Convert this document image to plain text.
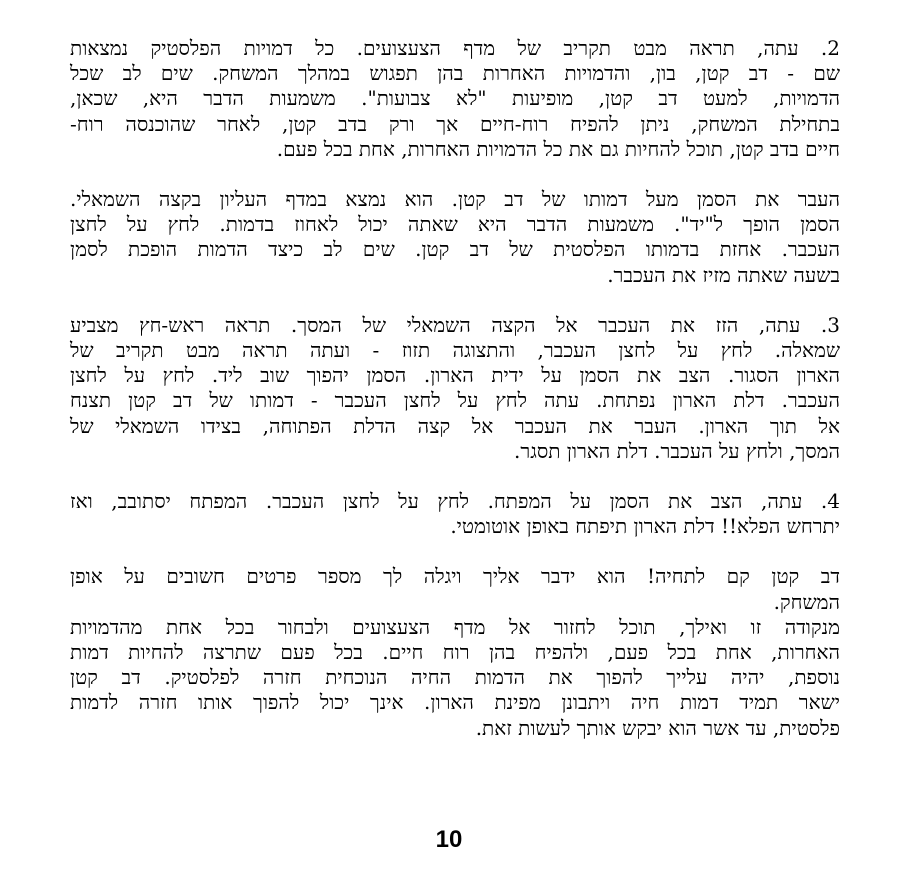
2. עתה, תראה מבט תקריב של מדף הצעצועים. כל דמויות הפלסטיק נמצאות
שם - דב קטן, בון, והדמויות האחרות בהן תפגוש במהלך המשחק. שים לב שכל
הדמויות, למעט דב קטן, מופיעות "לא צבועות". משמעות הדבר היא, שכאן,
בתחילת המשחק, ניתן להפיח רוח-חיים אך ורק בדב קטן, לאחר שהוכנסה רוח-
חיים בדב קטן, תוכל להחיות גם את כל הדמויות האחרות, אחת בכל פעם.

העבר את הסמן מעל דמותו של דב קטן. הוא נמצא במדף העליון בקצה השמאלי.
הסמן הופך ל"יד". משמעות הדבר היא שאתה יכול לאחוז בדמות. לחץ על לחצן
העכבר. אחזת בדמותו הפלסטית של דב קטן. שים לב כיצד הדמות הופכת לסמן
בשעה שאתה מזיז את העכבר.

3. עתה, הזז את העכבר אל הקצה השמאלי של המסך. תראה ראש-חץ מצביע
שמאלה. לחץ על לחצן העכבר, והתצוגה תזוז - ועתה תראה מבט תקריב של
הארון הסגור. הצב את הסמן על ידית הארון. הסמן יהפוך שוב ליד. לחץ על לחצן
העכבר. דלת הארון נפתחת. עתה לחץ על לחצן העכבר - דמותו של דב קטן תצנח
אל תוך הארון. העבר את העכבר אל קצה הדלת הפתוחה, בצידו השמאלי של
המסך, ולחץ על העכבר. דלת הארון תסגר.

4. עתה, הצב את הסמן על המפתח. לחץ על לחצן העכבר. המפתח יסתובב, ואז
יתרחש הפלא!! דלת הארון תיפתח באופן אוטומטי.

דב קטן קם לתחיה! הוא ידבר אליך ויגלה לך מספר פרטים חשובים על אופן
המשחק.
מנקודה זו ואילך, תוכל לחזור אל מדף הצעצועים ולבחור בכל אחת מהדמויות
האחרות, אחת בכל פעם, ולהפיח בהן רוח חיים. בכל פעם שתרצה להחיות דמות
נוספת, יהיה עלייך להפוך את הדמות החיה הנוכחית חזרה לפלסטיק. דב קטן
ישאר תמיד דמות חיה ויתבונן מפינת הארון. אינך יכול להפוך אותו חזרה לדמות
פלסטית, עד אשר הוא יבקש אותך לעשות זאת.

10
